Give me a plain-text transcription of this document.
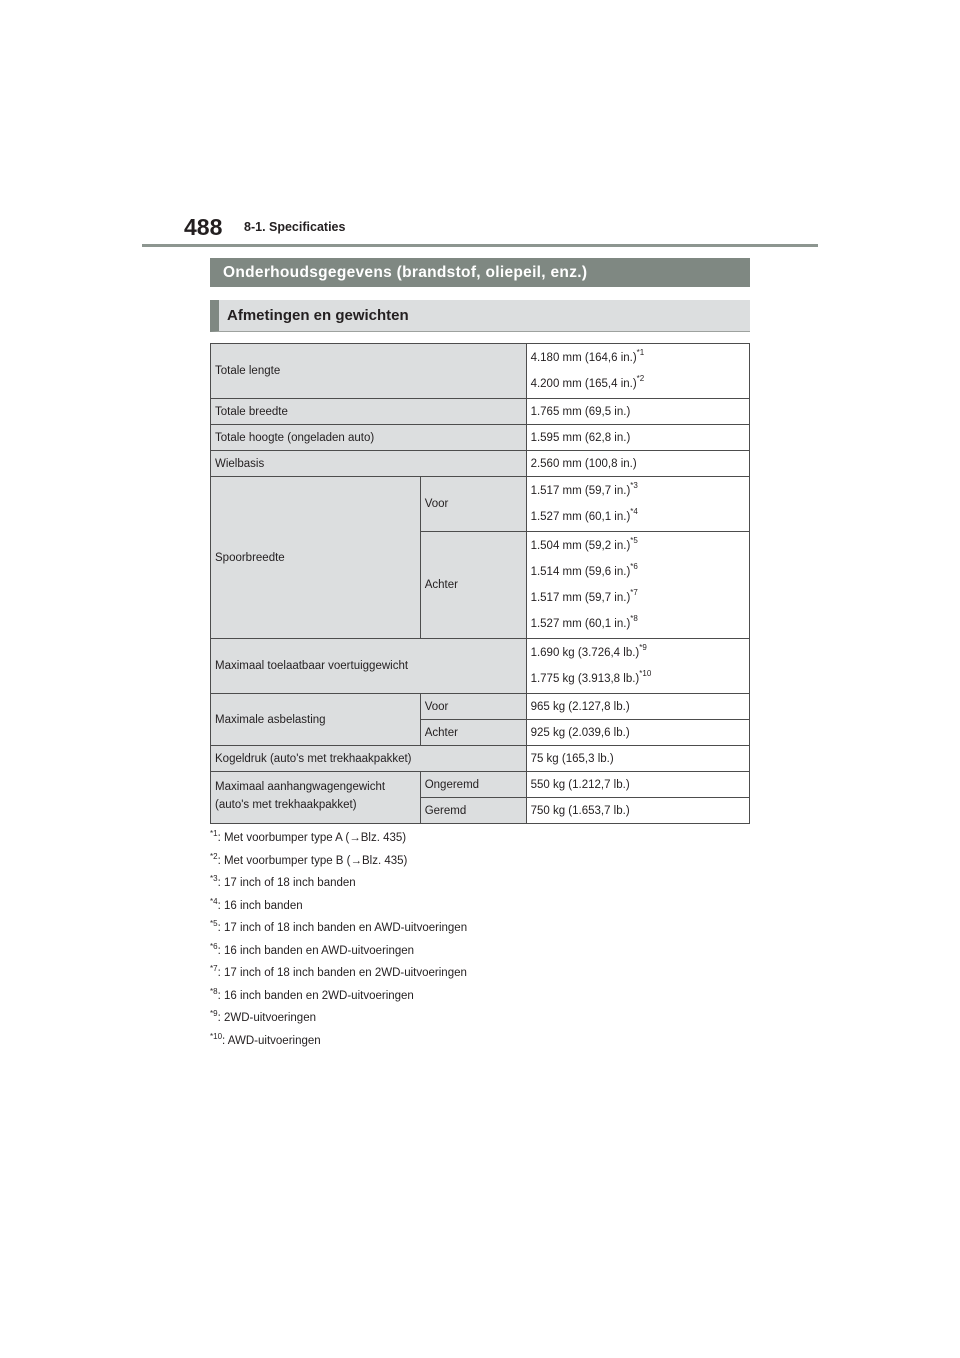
488 8-1. Specificaties
Onderhoudsgegevens (brandstof, oliepeil, enz.)
Afmetingen en gewichten
Totale lengte		4.180 mm (164,6 in.)$^{*1}$
4.200 mm (165,4 in.)$^{*2}$

Totale breedte		1.765 mm (69,5 in.)
Totale hoogte (ongeladen auto)		1.595 mm (62,8 in.)
Wielbasis		2.560 mm (100,8 in.)
Spoorbreedte	Voor	1.517 mm (59,7 in.)$^{*3}$
1.527 mm (60,1 in.)$^{*4}$

	Achter	1.504 mm (59,2 in.)$^{*5}$
1.514 mm (59,6 in.)$^{*6}$
1.517 mm (59,7 in.)$^{*7}$
1.527 mm (60,1 in.)$^{*8}$

Maximaal toelaatbaar voertuiggewicht		1.690 kg (3.726,4 lb.)$^{*9}$
1.775 kg (3.913,8 lb.)$^{*10}$

Maximale asbelasting	Voor	965 kg (2.127,8 lb.)
	Achter	925 kg (2.039,6 lb.)
Kogeldruk (auto's met trekhaakpakket)		75 kg (165,3 lb.)

Maximaal aanhangwagengewicht
(auto's met trekhaakpakket)	Ongeremd	550 kg (1.212,7 lb.)
	Geremd	750 kg (1.653,7 lb.)
$^{*1}$: Met voorbumper type A (→Blz. 435)
$^{*2}$: Met voorbumper type B (→Blz. 435)
$^{*3}$: 17 inch of 18 inch banden
$^{*4}$: 16 inch banden
$^{*5}$: 17 inch of 18 inch banden en AWD-uitvoeringen
$^{*6}$: 16 inch banden en AWD-uitvoeringen
$^{*7}$: 17 inch of 18 inch banden en 2WD-uitvoeringen
$^{*8}$: 16 inch banden en 2WD-uitvoeringen
$^{*9}$: 2WD-uitvoeringen
$^{*10}$: AWD-uitvoeringen
